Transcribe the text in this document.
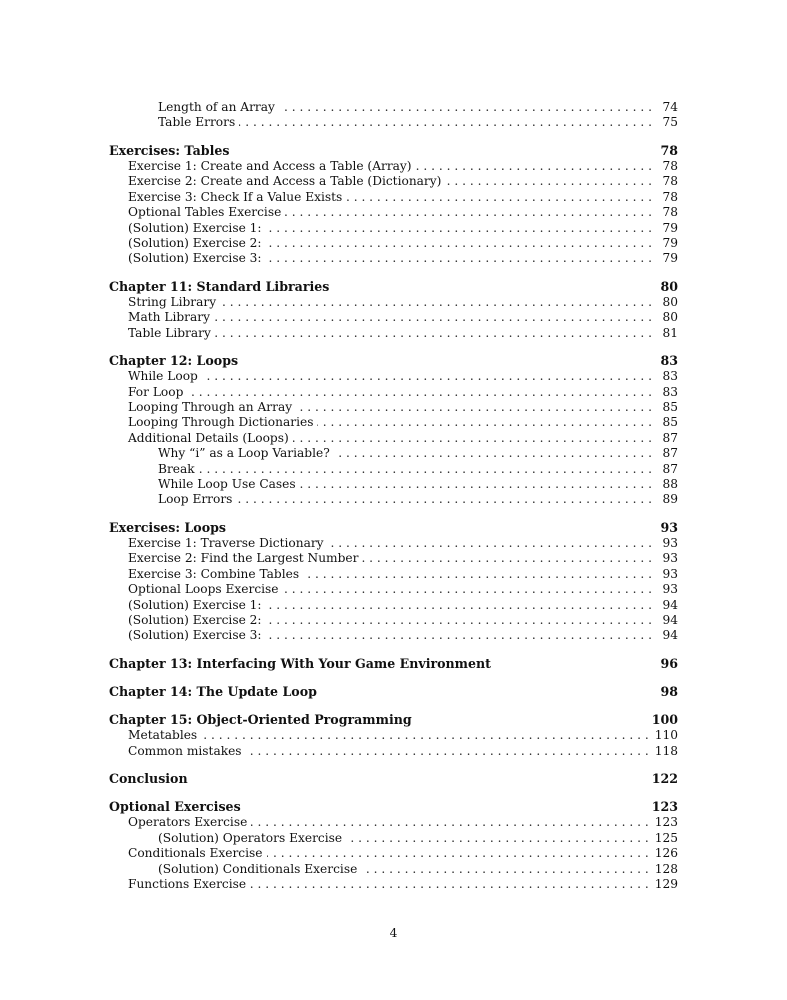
Length of an Array . . .	74
Table Errors . . .	75
Exercises: Tables	78
Exercise 1: Create and Access a Table (Array) . . .	78
Exercise 2: Create and Access a Table (Dictionary) . . .	78
Exercise 3: Check If a Value Exists . . .	78
Optional Tables Exercise . . .	78
(Solution) Exercise 1: . . .	79
(Solution) Exercise 2: . . .	79
(Solution) Exercise 3: . . .	79
Chapter 11: Standard Libraries	80
String Library . . .	80
Math Library . . .	80
Table Library . . .	81
Chapter 12: Loops	83
While Loop . . .	83
For Loop . . .	83
Looping Through an Array . . .	85
Looping Through Dictionaries . . .	85
Additional Details (Loops) . . .	87
Why “i” as a Loop Variable? . . .	87
Break . . .	87
While Loop Use Cases . . .	88
Loop Errors . . .	89
Exercises: Loops	93
Exercise 1: Traverse Dictionary . . .	93
Exercise 2: Find the Largest Number . . .	93
Exercise 3: Combine Tables . . .	93
Optional Loops Exercise . . .	93
(Solution) Exercise 1: . . .	94
(Solution) Exercise 2: . . .	94
(Solution) Exercise 3: . . .	94
Chapter 13: Interfacing With Your Game Environment	96
Chapter 14: The Update Loop	98
Chapter 15: Object-Oriented Programming	100
Metatables . . .	110
Common mistakes . . .	118
Conclusion	122
Optional Exercises	123
Operators Exercise . . .	123
(Solution) Operators Exercise . . .	125
Conditionals Exercise . . .	126
(Solution) Conditionals Exercise . . .	128
Functions Exercise . . .	129
4
